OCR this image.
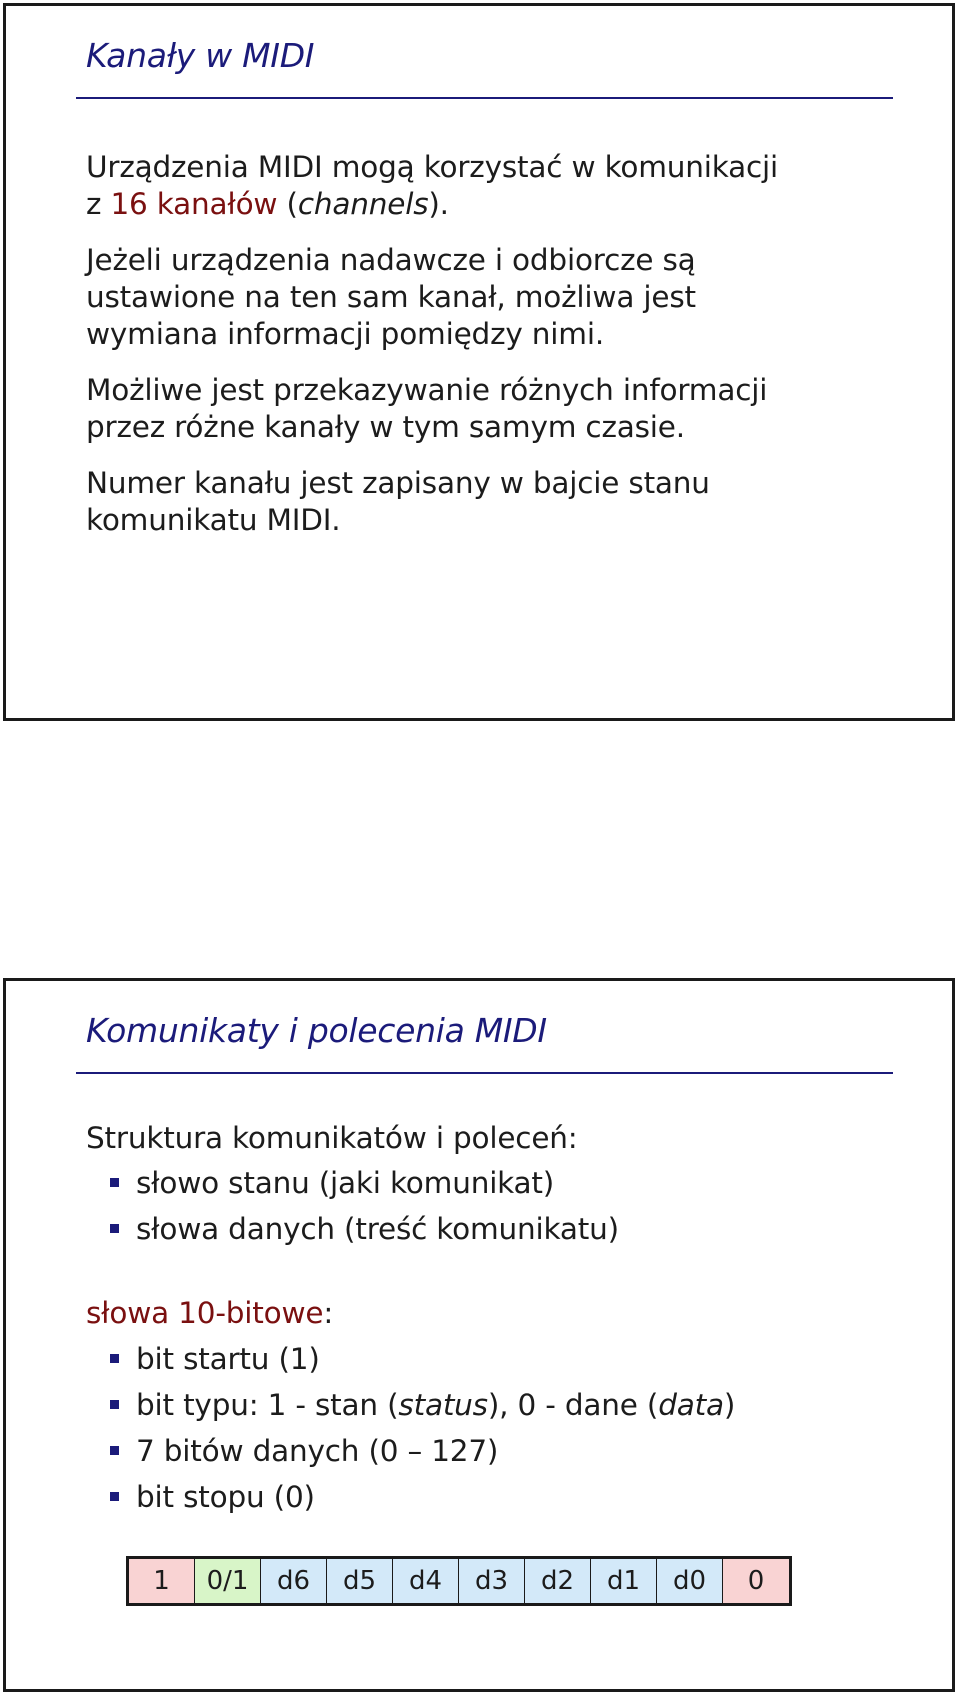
Kanały w MIDI

Urządzenia MIDI mogą korzystać w komunikacji
z 16 kanałów (channels).

Jeżeli urządzenia nadawcze i odbiorcze są ustawione na ten sam kanał, możliwa jest wymiana informacji pomiędzy nimi.

Możliwe jest przekazywanie różnych informacji przez różne kanały w tym samym czasie.

Numer kanału jest zapisany w bajcie stanu komunikatu MIDI.

Komunikaty i polecenia MIDI
Struktura komunikatów i poleceń:
słowo stanu (jaki komunikat)
słowa danych (treść komunikatu)
słowa 10-bitowe:
bit startu (1)
bit typu: 1 - stan (status), 0 - dane (data)
7 bitów danych (0 – 127)
bit stopu (0)
1	0/1	d6	d5	d4	d3	d2	d1	d0	0
